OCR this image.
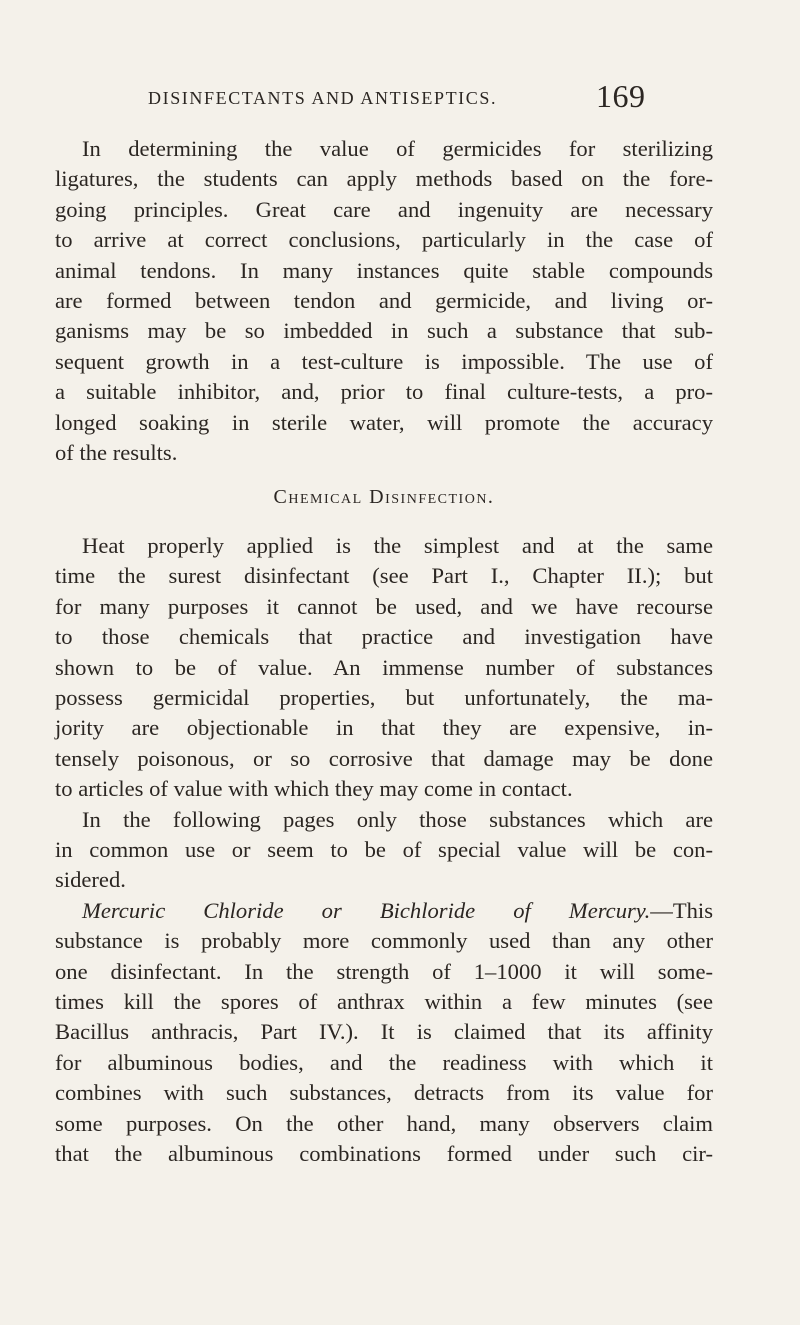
DISINFECTANTS AND ANTISEPTICS.	169

In determining the value of germicides for sterilizing

ligatures, the students can apply methods based on the fore-

going principles. Great care and ingenuity are necessary

to arrive at correct conclusions, particularly in the case of

animal tendons. In many instances quite stable compounds

are formed between tendon and germicide, and living or-

ganisms may be so imbedded in such a substance that sub-

sequent growth in a test-culture is impossible. The use of

a suitable inhibitor, and, prior to final culture-tests, a pro-

longed soaking in sterile water, will promote the accuracy

of the results.

Chemical Disinfection.

Heat properly applied is the simplest and at the same

time the surest disinfectant (see Part I., Chapter II.); but

for many purposes it cannot be used, and we have recourse

to those chemicals that practice and investigation have

shown to be of value. An immense number of substances

possess germicidal properties, but unfortunately, the ma-

jority are objectionable in that they are expensive, in-

tensely poisonous, or so corrosive that damage may be done

to articles of value with which they may come in contact.

In the following pages only those substances which are

in common use or seem to be of special value will be con-

sidered.

Mercuric Chloride or Bichloride of Mercury.—This

substance is probably more commonly used than any other

one disinfectant. In the strength of 1–1000 it will some-

times kill the spores of anthrax within a few minutes (see

Bacillus anthracis, Part IV.). It is claimed that its affinity

for albuminous bodies, and the readiness with which it

combines with such substances, detracts from its value for

some purposes. On the other hand, many observers claim

that the albuminous combinations formed under such cir-
